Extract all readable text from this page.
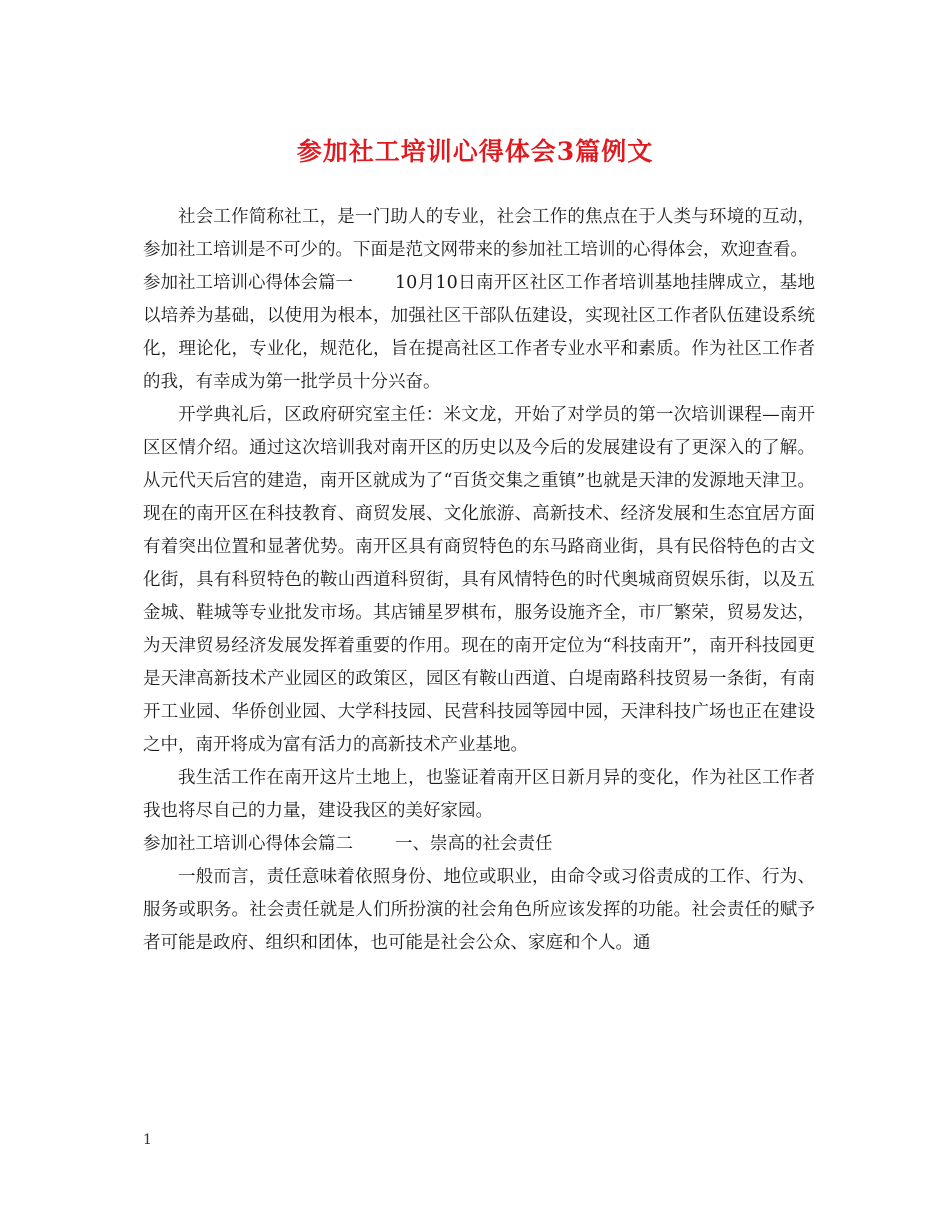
参加社工培训心得体会3篇例文

社会工作简称社工，是一门助人的专业，社会工作的焦点在于人类与环境的互动，参加社工培训是不可少的。下面是范文网带来的参加社工培训的心得体会，欢迎查看。

参加社工培训心得体会篇一 10月10日南开区社区工作者培训基地挂牌成立，基地以培养为基础，以使用为根本，加强社区干部队伍建设，实现社区工作者队伍建设系统化，理论化，专业化，规范化，旨在提高社区工作者专业水平和素质。作为社区工作者的我，有幸成为第一批学员十分兴奋。

开学典礼后，区政府研究室主任：米文龙，开始了对学员的第一次培训课程—南开区区情介绍。通过这次培训我对南开区的历史以及今后的发展建设有了更深入的了解。从元代天后宫的建造，南开区就成为了“百货交集之重镇”也就是天津的发源地天津卫。现在的南开区在科技教育、商贸发展、文化旅游、高新技术、经济发展和生态宜居方面有着突出位置和显著优势。南开区具有商贸特色的东马路商业街，具有民俗特色的古文化街，具有科贸特色的鞍山西道科贸街，具有风情特色的时代奥城商贸娱乐街，以及五金城、鞋城等专业批发市场。其店铺星罗棋布，服务设施齐全，市厂繁荣，贸易发达，为天津贸易经济发展发挥着重要的作用。现在的南开定位为“科技南开”，南开科技园更是天津高新技术产业园区的政策区，园区有鞍山西道、白堤南路科技贸易一条街，有南开工业园、华侨创业园、大学科技园、民营科技园等园中园，天津科技广场也正在建设之中，南开将成为富有活力的高新技术产业基地。

我生活工作在南开这片土地上，也鉴证着南开区日新月异的变化，作为社区工作者我也将尽自己的力量，建设我区的美好家园。

参加社工培训心得体会篇二 一、崇高的社会责任

一般而言，责任意味着依照身份、地位或职业，由命令或习俗责成的工作、行为、服务或职务。社会责任就是人们所扮演的社会角色所应该发挥的功能。社会责任的赋予者可能是政府、组织和团体，也可能是社会公众、家庭和个人。通

1
